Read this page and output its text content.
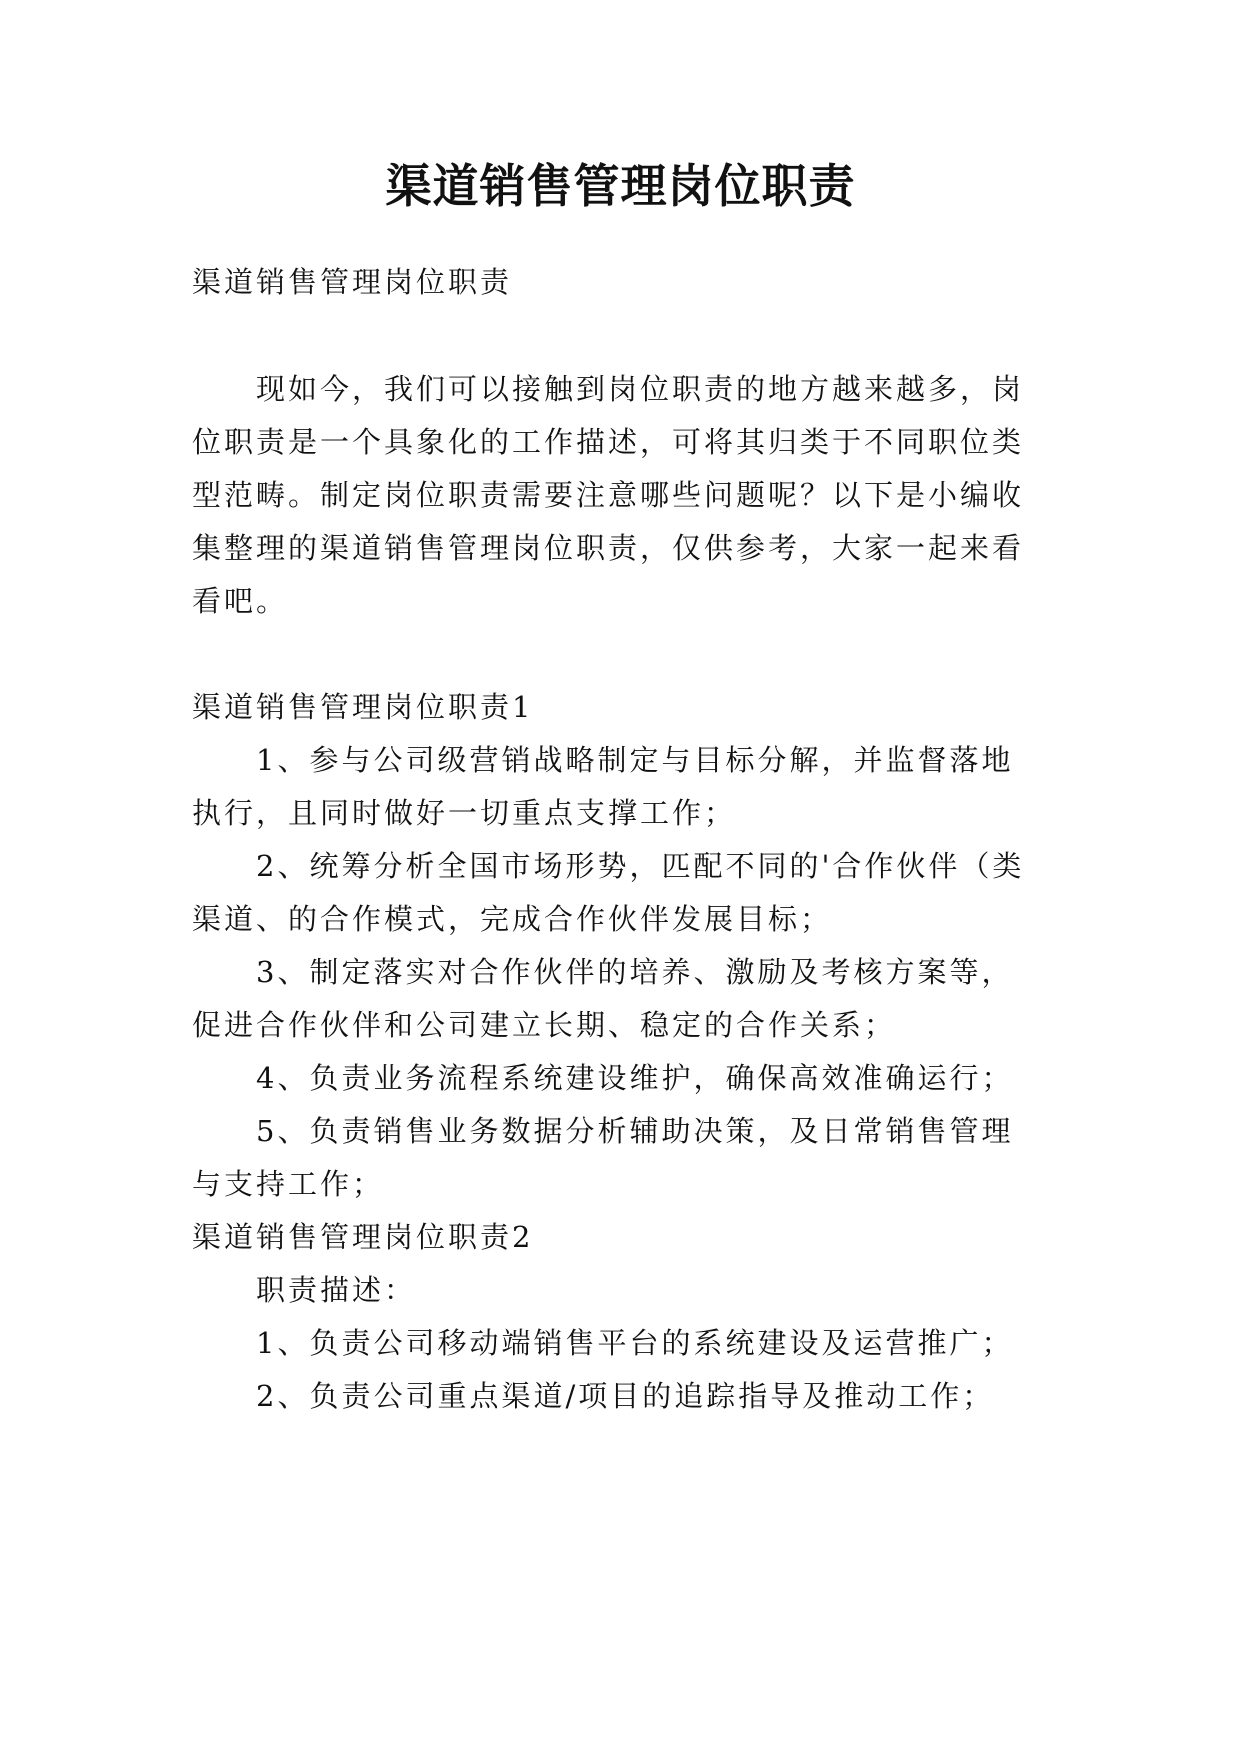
渠道销售管理岗位职责
渠道销售管理岗位职责
现如今，我们可以接触到岗位职责的地方越来越多，岗
位职责是一个具象化的工作描述，可将其归类于不同职位类
型范畴。制定岗位职责需要注意哪些问题呢？以下是小编收
集整理的渠道销售管理岗位职责，仅供参考，大家一起来看
看吧。
渠道销售管理岗位职责1
1、参与公司级营销战略制定与目标分解，并监督落地
执行，且同时做好一切重点支撑工作；
2、统筹分析全国市场形势，匹配不同的'合作伙伴（类
渠道、的合作模式，完成合作伙伴发展目标；
3、制定落实对合作伙伴的培养、激励及考核方案等，
促进合作伙伴和公司建立长期、稳定的合作关系；
4、负责业务流程系统建设维护，确保高效准确运行；
5、负责销售业务数据分析辅助决策，及日常销售管理
与支持工作；
渠道销售管理岗位职责2
职责描述：
1、负责公司移动端销售平台的系统建设及运营推广；
2、负责公司重点渠道/项目的追踪指导及推动工作；
